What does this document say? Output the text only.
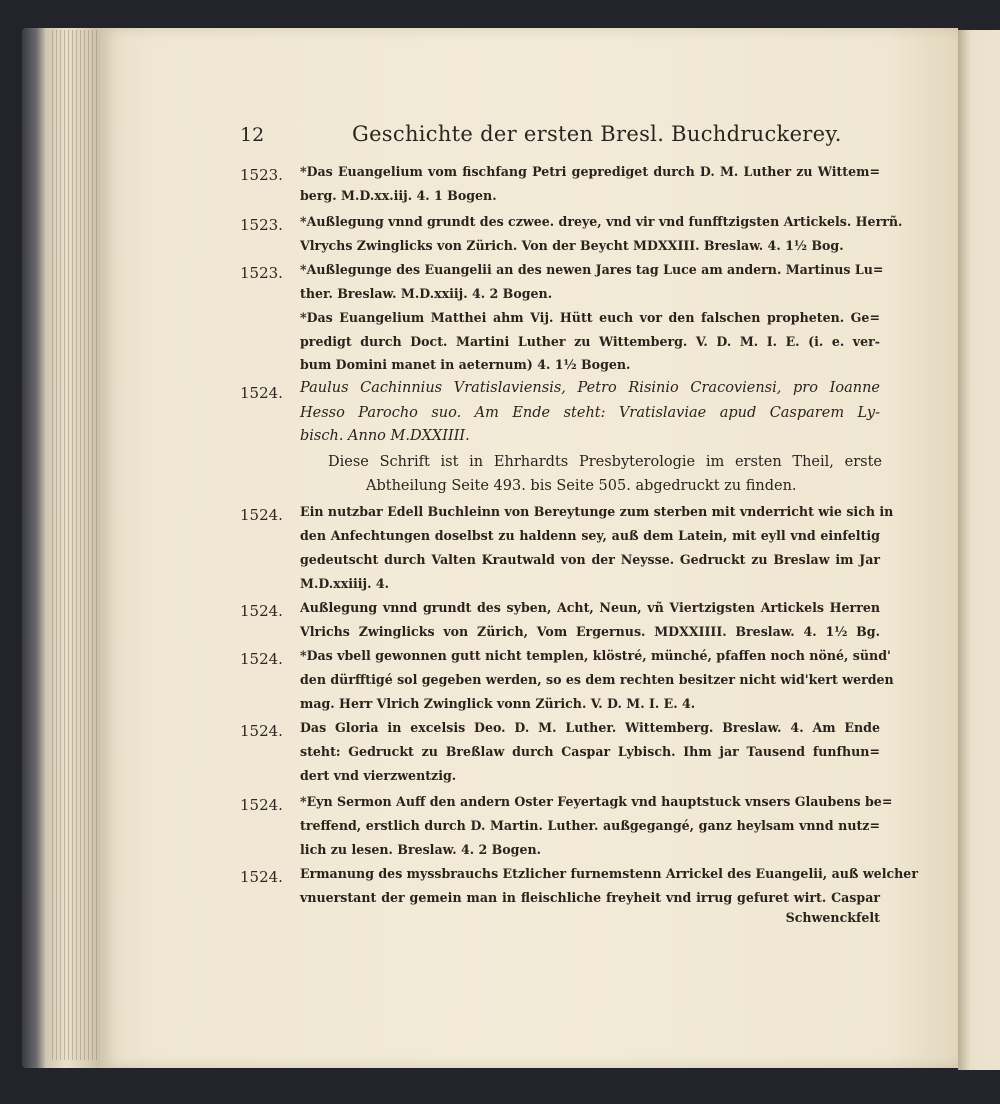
12	Geschichte der ersten Bresl. Buchdruckerey.
1523. *Das Euangelium vom fischfang Petri geprediget durch D. M. Luther zu Wittem=
berg. M.D.xx.iij. 4. 1 Bogen.
1523. *Außlegung vnnd grundt des czwee. dreye, vnd vir vnd funfftzigsten Artickels. Herrñ.
Vlrychs Zwinglicks von Zürich. Von der Beycht MDXXIII. Breslaw. 4. 1½ Bog.
1523. *Außlegunge des Euangelii an des newen Jares tag Luce am andern. Martinus Lu=
ther. Breslaw. M.D.xxiij. 4. 2 Bogen.
*Das Euangelium Matthei ahm Vij. Hütt euch vor den falschen propheten. Ge=
predigt durch Doct. Martini Luther zu Wittemberg. V. D. M. I. E. (i. e. ver-
bum Domini manet in aeternum) 4. 1½ Bogen.
1524. Paulus Cachinnius Vratislaviensis, Petro Risinio Cracoviensi, pro Ioanne
Hesso Parocho suo. Am Ende steht: Vratislaviae apud Casparem Ly-
bisch. Anno M.DXXIIII.
Diese Schrift ist in Ehrhardts Presbyterologie im ersten Theil, erste
Abtheilung Seite 493. bis Seite 505. abgedruckt zu finden.
1524. Ein nutzbar Edell Buchleinn von Bereytunge zum sterben mit vnderricht wie sich in
den Anfechtungen doselbst zu haldenn sey, auß dem Latein, mit eyll vnd einfeltig
gedeutscht durch Valten Krautwald von der Neysse. Gedruckt zu Breslaw im Jar
M.D.xxiiij. 4.
1524. Außlegung vnnd grundt des syben, Acht, Neun, vñ Viertzigsten Artickels Herren
Vlrichs Zwinglicks von Zürich, Vom Ergernus. MDXXIIII. Breslaw. 4. 1½ Bg.
1524. *Das vbell gewonnen gutt nicht templen, klöstré, münché, pfaffen noch nöné, sünd'
den dürfftigé sol gegeben werden, so es dem rechten besitzer nicht wid'kert werden
mag. Herr Vlrich Zwinglick vonn Zürich. V. D. M. I. E. 4.
1524. Das Gloria in excelsis Deo. D. M. Luther. Wittemberg. Breslaw. 4. Am Ende
steht: Gedruckt zu Breßlaw durch Caspar Lybisch. Ihm jar Tausend funfhun=
dert vnd vierzwentzig.
1524. *Eyn Sermon Auff den andern Oster Feyertagk vnd hauptstuck vnsers Glaubens be=
treffend, erstlich durch D. Martin. Luther. außgegangé, ganz heylsam vnnd nutz=
lich zu lesen. Breslaw. 4. 2 Bogen.
1524. Ermanung des myssbrauchs Etzlicher furnemstenn Arrickel des Euangelii, auß welcher
vnuerstant der gemein man in fleischliche freyheit vnd irrug gefuret wirt. Caspar
Schwenckfelt
